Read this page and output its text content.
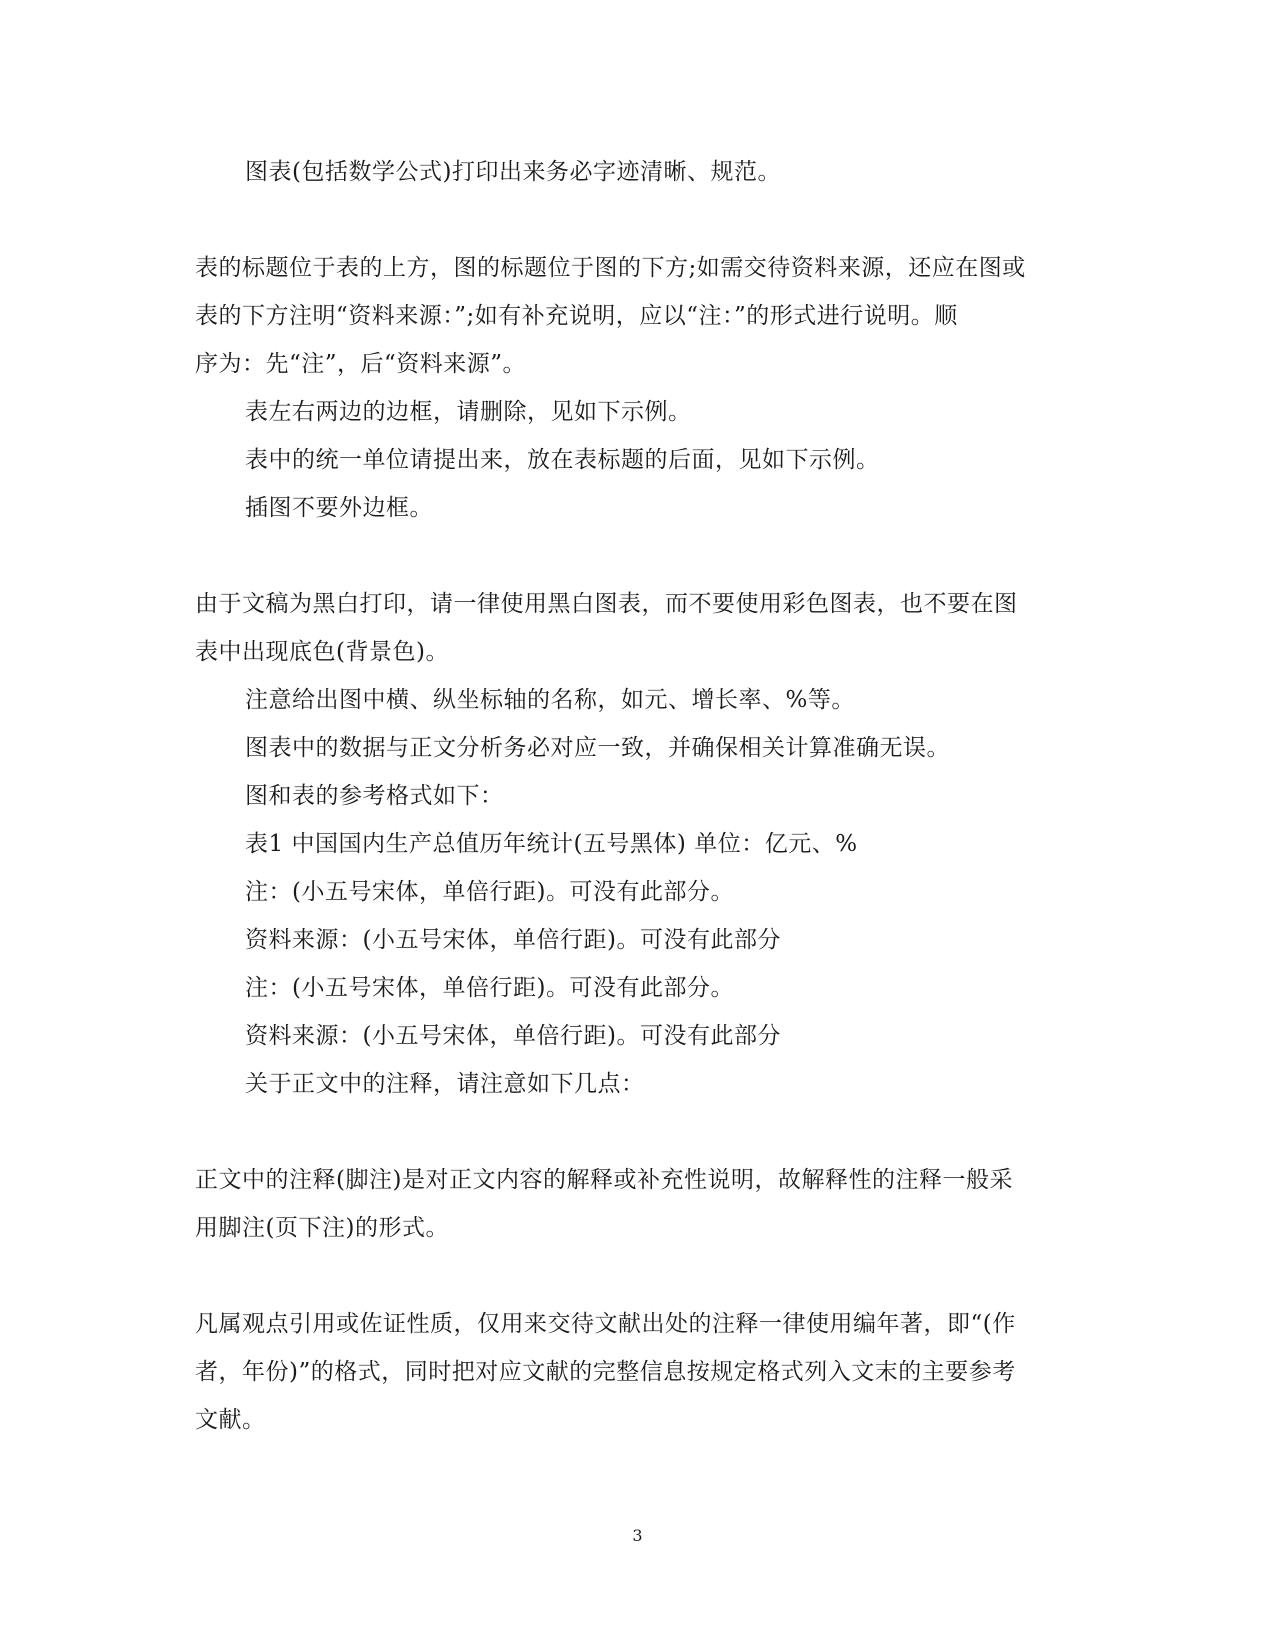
图表(包括数学公式)打印出来务必字迹清晰、规范。
表的标题位于表的上方，图的标题位于图的下方;如需交待资料来源，还应在图或
表的下方注明“资料来源：”;如有补充说明，应以“注：”的形式进行说明。顺
序为：先“注”，后“资料来源”。
表左右两边的边框，请删除，见如下示例。
表中的统一单位请提出来，放在表标题的后面，见如下示例。
插图不要外边框。
由于文稿为黑白打印，请一律使用黑白图表，而不要使用彩色图表，也不要在图
表中出现底色(背景色)。
注意给出图中横、纵坐标轴的名称，如元、增长率、%等。
图表中的数据与正文分析务必对应一致，并确保相关计算准确无误。
图和表的参考格式如下：
表1 中国国内生产总值历年统计(五号黑体) 单位：亿元、%
注：(小五号宋体，单倍行距)。可没有此部分。
资料来源：(小五号宋体，单倍行距)。可没有此部分
注：(小五号宋体，单倍行距)。可没有此部分。
资料来源：(小五号宋体，单倍行距)。可没有此部分
关于正文中的注释，请注意如下几点：
正文中的注释(脚注)是对正文内容的解释或补充性说明，故解释性的注释一般采
用脚注(页下注)的形式。
凡属观点引用或佐证性质，仅用来交待文献出处的注释一律使用编年著，即“(作
者，年份)”的格式，同时把对应文献的完整信息按规定格式列入文末的主要参考
文献。
3
